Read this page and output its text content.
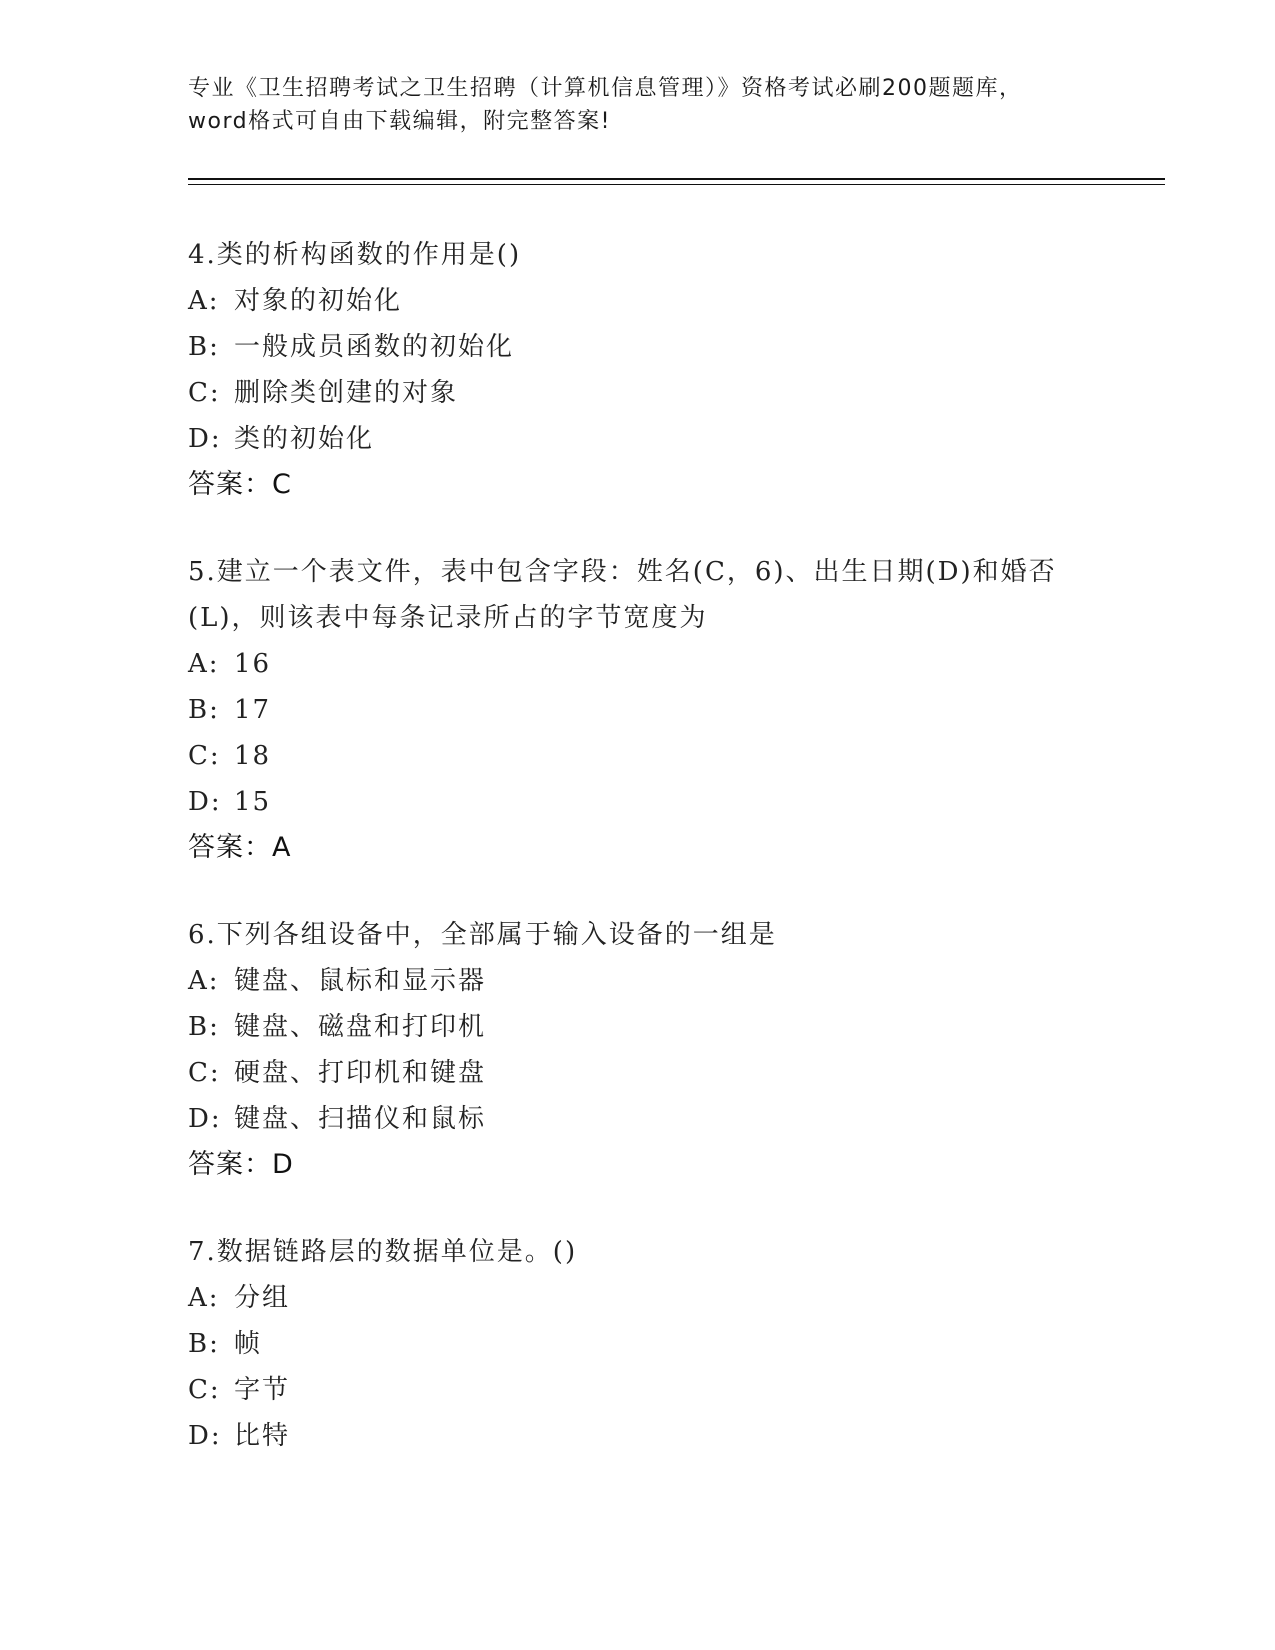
专业《卫生招聘考试之卫生招聘（计算机信息管理）》资格考试必刷200题题库，
word格式可自由下载编辑，附完整答案!
4.类的析构函数的作用是()
A: 对象的初始化
B: 一般成员函数的初始化
C: 删除类创建的对象
D: 类的初始化
答案：C
5.建立一个表文件，表中包含字段：姓名(C，6)、出生日期(D)和婚否
(L)，则该表中每条记录所占的字节宽度为
A: 16
B: 17
C: 18
D: 15
答案：A
6.下列各组设备中，全部属于输入设备的一组是
A: 键盘、鼠标和显示器
B: 键盘、磁盘和打印机
C: 硬盘、打印机和键盘
D: 键盘、扫描仪和鼠标
答案：D
7.数据链路层的数据单位是。()
A: 分组
B: 帧
C: 字节
D: 比特
